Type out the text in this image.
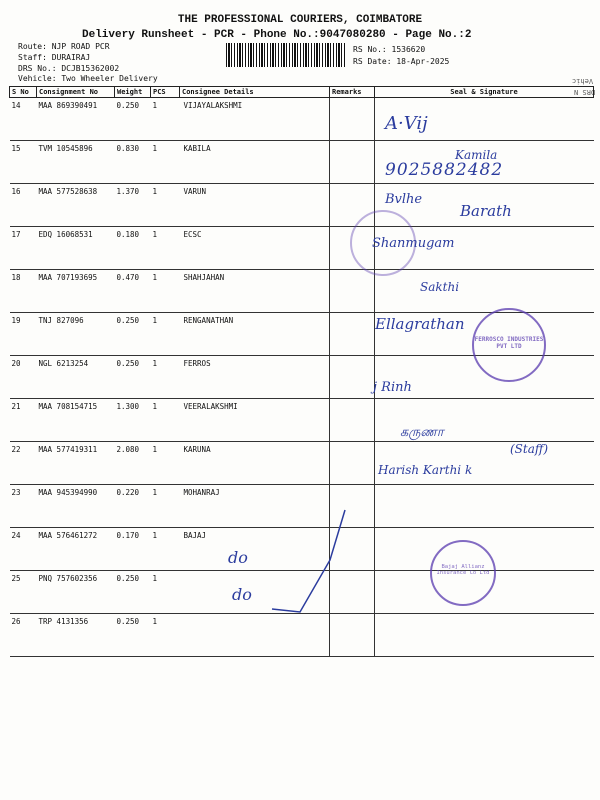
THE PROFESSIONAL COURIERS, COIMBATORE
Delivery Runsheet - PCR - Phone No.:9047080280 - Page No.:2
Route: NJP ROAD PCR
Staff: DURAIRAJ
DRS No.: DCJB15362002
Vehicle: Two Wheeler Delivery
RS No.: 1536620
RS Date: 18-Apr-2025
Vehic
DRS N
S No	Consignment No	Weight	PCS	Consignee Details	Remarks	Seal & Signature
14	MAA 869390491	0.250	1	VIJAYALAKSHMI		
15	TVM 10545896	0.830	1	KABILA		
16	MAA 577528638	1.370	1	VARUN		
17	EDQ 16068531	0.180	1	ECSC		
18	MAA 707193695	0.470	1	SHAHJAHAN		
19	TNJ 827096	0.250	1	RENGANATHAN		
20	NGL 6213254	0.250	1	FERROS		
21	MAA 708154715	1.300	1	VEERALAKSHMI		
22	MAA 577419311	2.080	1	KARUNA		
23	MAA 945394990	0.220	1	MOHANRAJ		
24	MAA 576461272	0.170	1	BAJAJ		
25	PNQ 757602356	0.250	1			
26	TRP 4131356	0.250	1			
FERROSCO INDUSTRIES PVT LTD
Bajaj Allianz Insurance Co Ltd
A·Vij
Kamila
9025882482
Bvlhe
Barath
Shanmugam
Sakthi
Ellagrathan
j Rinh
கருணா
(Staff)
Harish Karthi k
do
do
